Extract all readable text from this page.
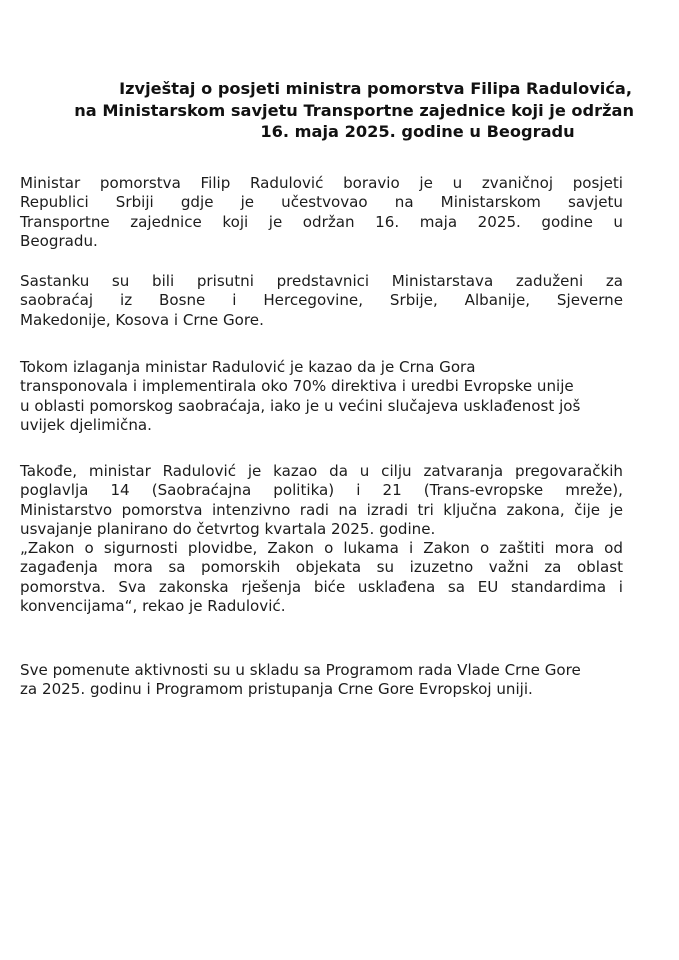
Izvještaj o posjeti ministra pomorstva Filipa Radulovića,
na Ministarskom savjetu Transportne zajednice koji je održan
16. maja 2025. godine u Beogradu
Ministar pomorstva Filip Radulović boravio je u zvaničnoj posjeti
Republici Srbiji gdje je učestvovao na Ministarskom savjetu
Transportne zajednice koji je održan 16. maja 2025. godine u
Beogradu.
Sastanku su bili prisutni predstavnici Ministarstava zaduženi za
saobraćaj iz Bosne i Hercegovine, Srbije, Albanije, Sjeverne
Makedonije, Kosova i Crne Gore.
Tokom izlaganja ministar Radulović je kazao da je Crna Gora
transponovala i implementirala oko 70% direktiva i uredbi Evropske unije
u oblasti pomorskog saobraćaja, iako je u većini slučajeva usklađenost još
uvijek djelimična.
Takođe, ministar Radulović je kazao da u cilju zatvaranja pregovaračkih
poglavlja 14 (Saobraćajna politika) i 21 (Trans-evropske mreže),
Ministarstvo pomorstva intenzivno radi na izradi tri ključna zakona, čije je
usvajanje planirano do četvrtog kvartala 2025. godine.
„Zakon o sigurnosti plovidbe, Zakon o lukama i Zakon o zaštiti mora od
zagađenja mora sa pomorskih objekata su izuzetno važni za oblast
pomorstva. Sva zakonska rješenja biće usklađena sa EU standardima i
konvencijama“, rekao je Radulović.
Sve pomenute aktivnosti su u skladu sa Programom rada Vlade Crne Gore
za 2025. godinu i Programom pristupanja Crne Gore Evropskoj uniji.
